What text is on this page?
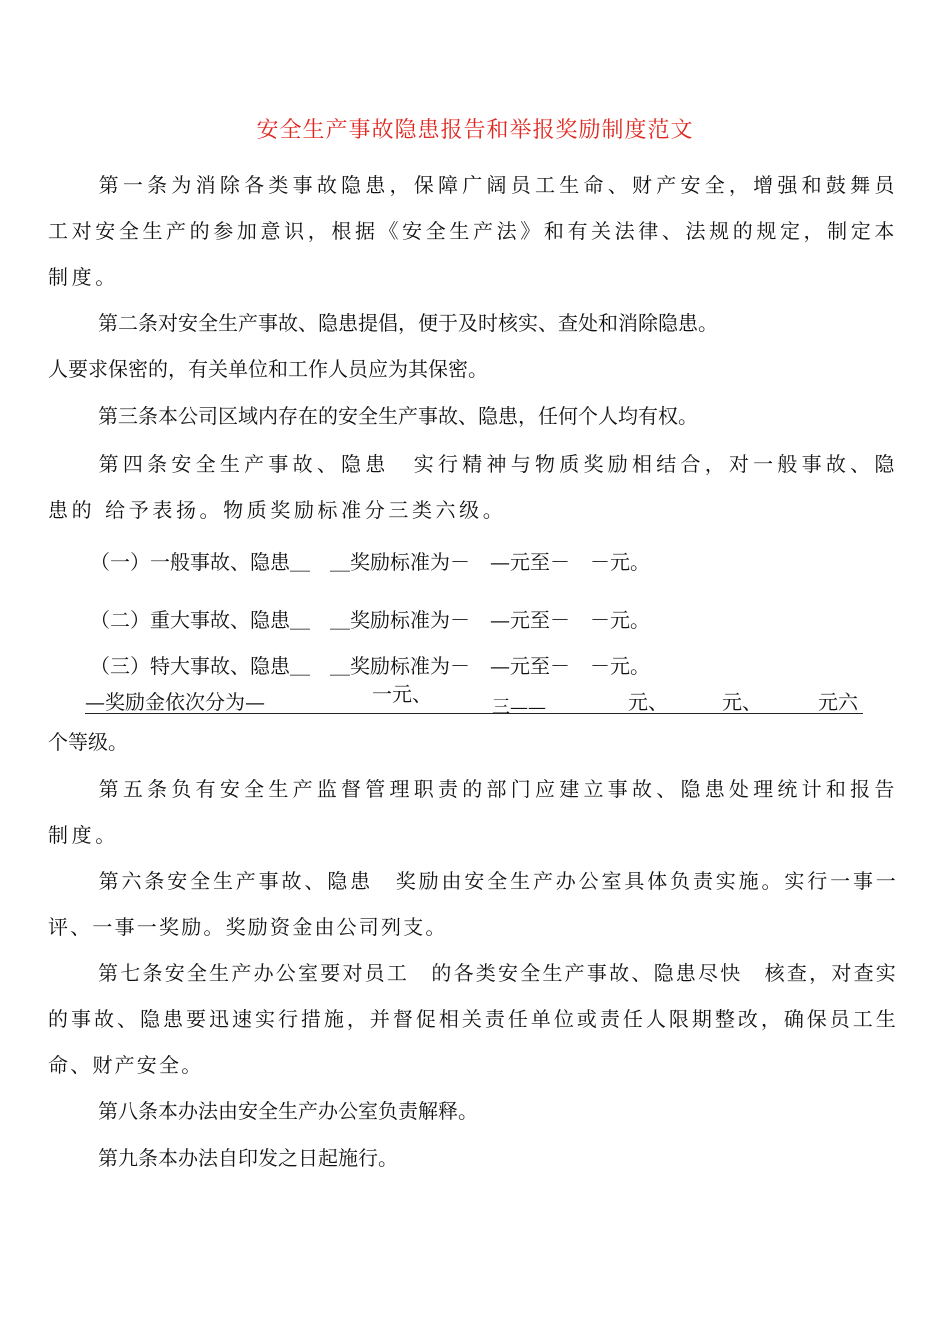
安全生产事故隐患报告和举报奖励制度范文
第一条为消除各类事故隐患，保障广阔员工生命、财产安全，增强和鼓舞员工对安全生产的参加意识，根据《安全生产法》和有关法律、法规的规定，制定本制度。
第二条对安全生产事故、隐患提倡，便于及时核实、查处和消除隐患。
人要求保密的，有关单位和工作人员应为其保密。
第三条本公司区域内存在的安全生产事故、隐患，任何个人均有权。
第四条安全生产事故、隐患　实行精神与物质奖励相结合，对一般事故、隐患的 给予表扬。物质奖励标准分三类六级。
（一）一般事故、隐患＿　＿奖励标准为－　—元至－　－元。
（二）重大事故、隐患＿　＿奖励标准为－　—元至－　－元。
（三）特大事故、隐患＿　＿奖励标准为－　—元至－　－元。
—奖励金依次分为—	一元、
三——	元、	元、	元六
个等级。
第五条负有安全生产监督管理职责的部门应建立事故、隐患处理统计和报告制度。
第六条安全生产事故、隐患　奖励由安全生产办公室具体负责实施。实行一事一评、一事一奖励。奖励资金由公司列支。
第七条安全生产办公室要对员工　的各类安全生产事故、隐患尽快　核查，对查实的事故、隐患要迅速实行措施，并督促相关责任单位或责任人限期整改，确保员工生命、财产安全。
第八条本办法由安全生产办公室负责解释。
第九条本办法自印发之日起施行。
